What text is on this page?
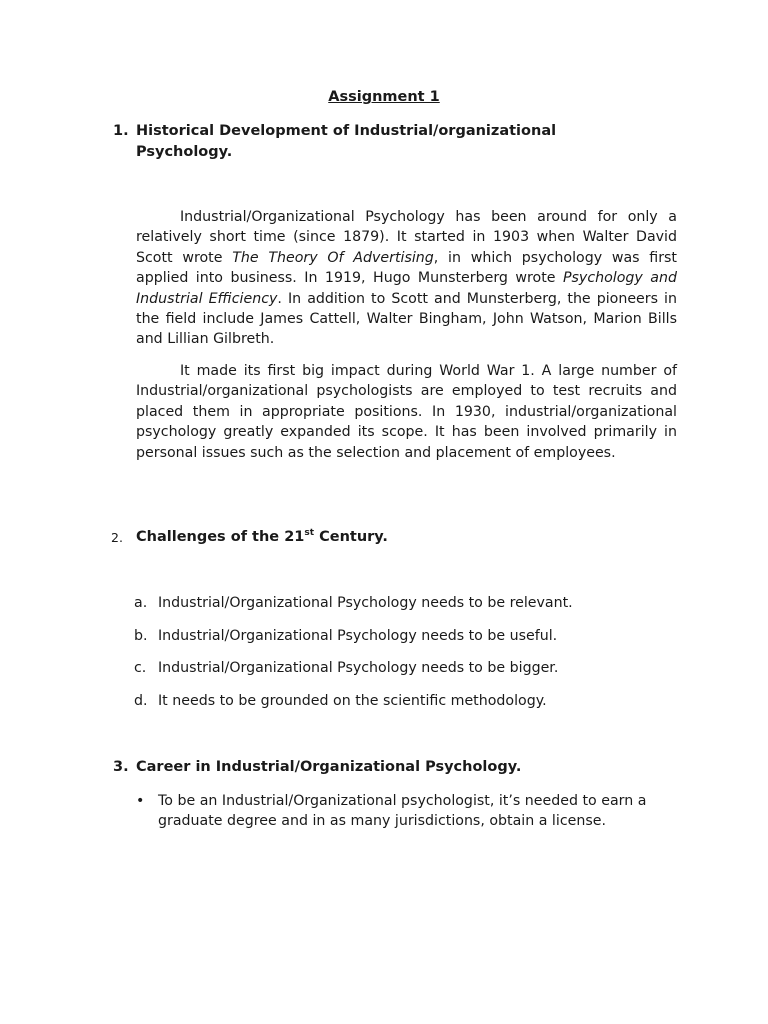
Assignment 1
1. Historical Development of Industrial/organizational
Psychology.
Industrial/Organizational Psychology has been around for only a relatively short time (since 1879). It started in 1903 when Walter David Scott wrote The Theory Of Advertising, in which psychology was first applied into business. In 1919, Hugo Munsterberg wrote Psychology and Industrial Efficiency. In addition to Scott and Munsterberg, the pioneers in the field include James Cattell, Walter Bingham, John Watson, Marion Bills and Lillian Gilbreth.
It made its first big impact during World War 1. A large number of Industrial/organizational psychologists are employed to test recruits and placed them in appropriate positions. In 1930, industrial/organizational psychology greatly expanded its scope. It has been involved primarily in personal issues such as the selection and placement of employees.
2. Challenges of the 21st Century.
a. Industrial/Organizational Psychology needs to be relevant.
b. Industrial/Organizational Psychology needs to be useful.
c. Industrial/Organizational Psychology needs to be bigger.
d. It needs to be grounded on the scientific methodology.
3. Career in Industrial/Organizational Psychology.
• To be an Industrial/Organizational psychologist, it’s needed to earn a graduate degree and in as many jurisdictions, obtain a license.
